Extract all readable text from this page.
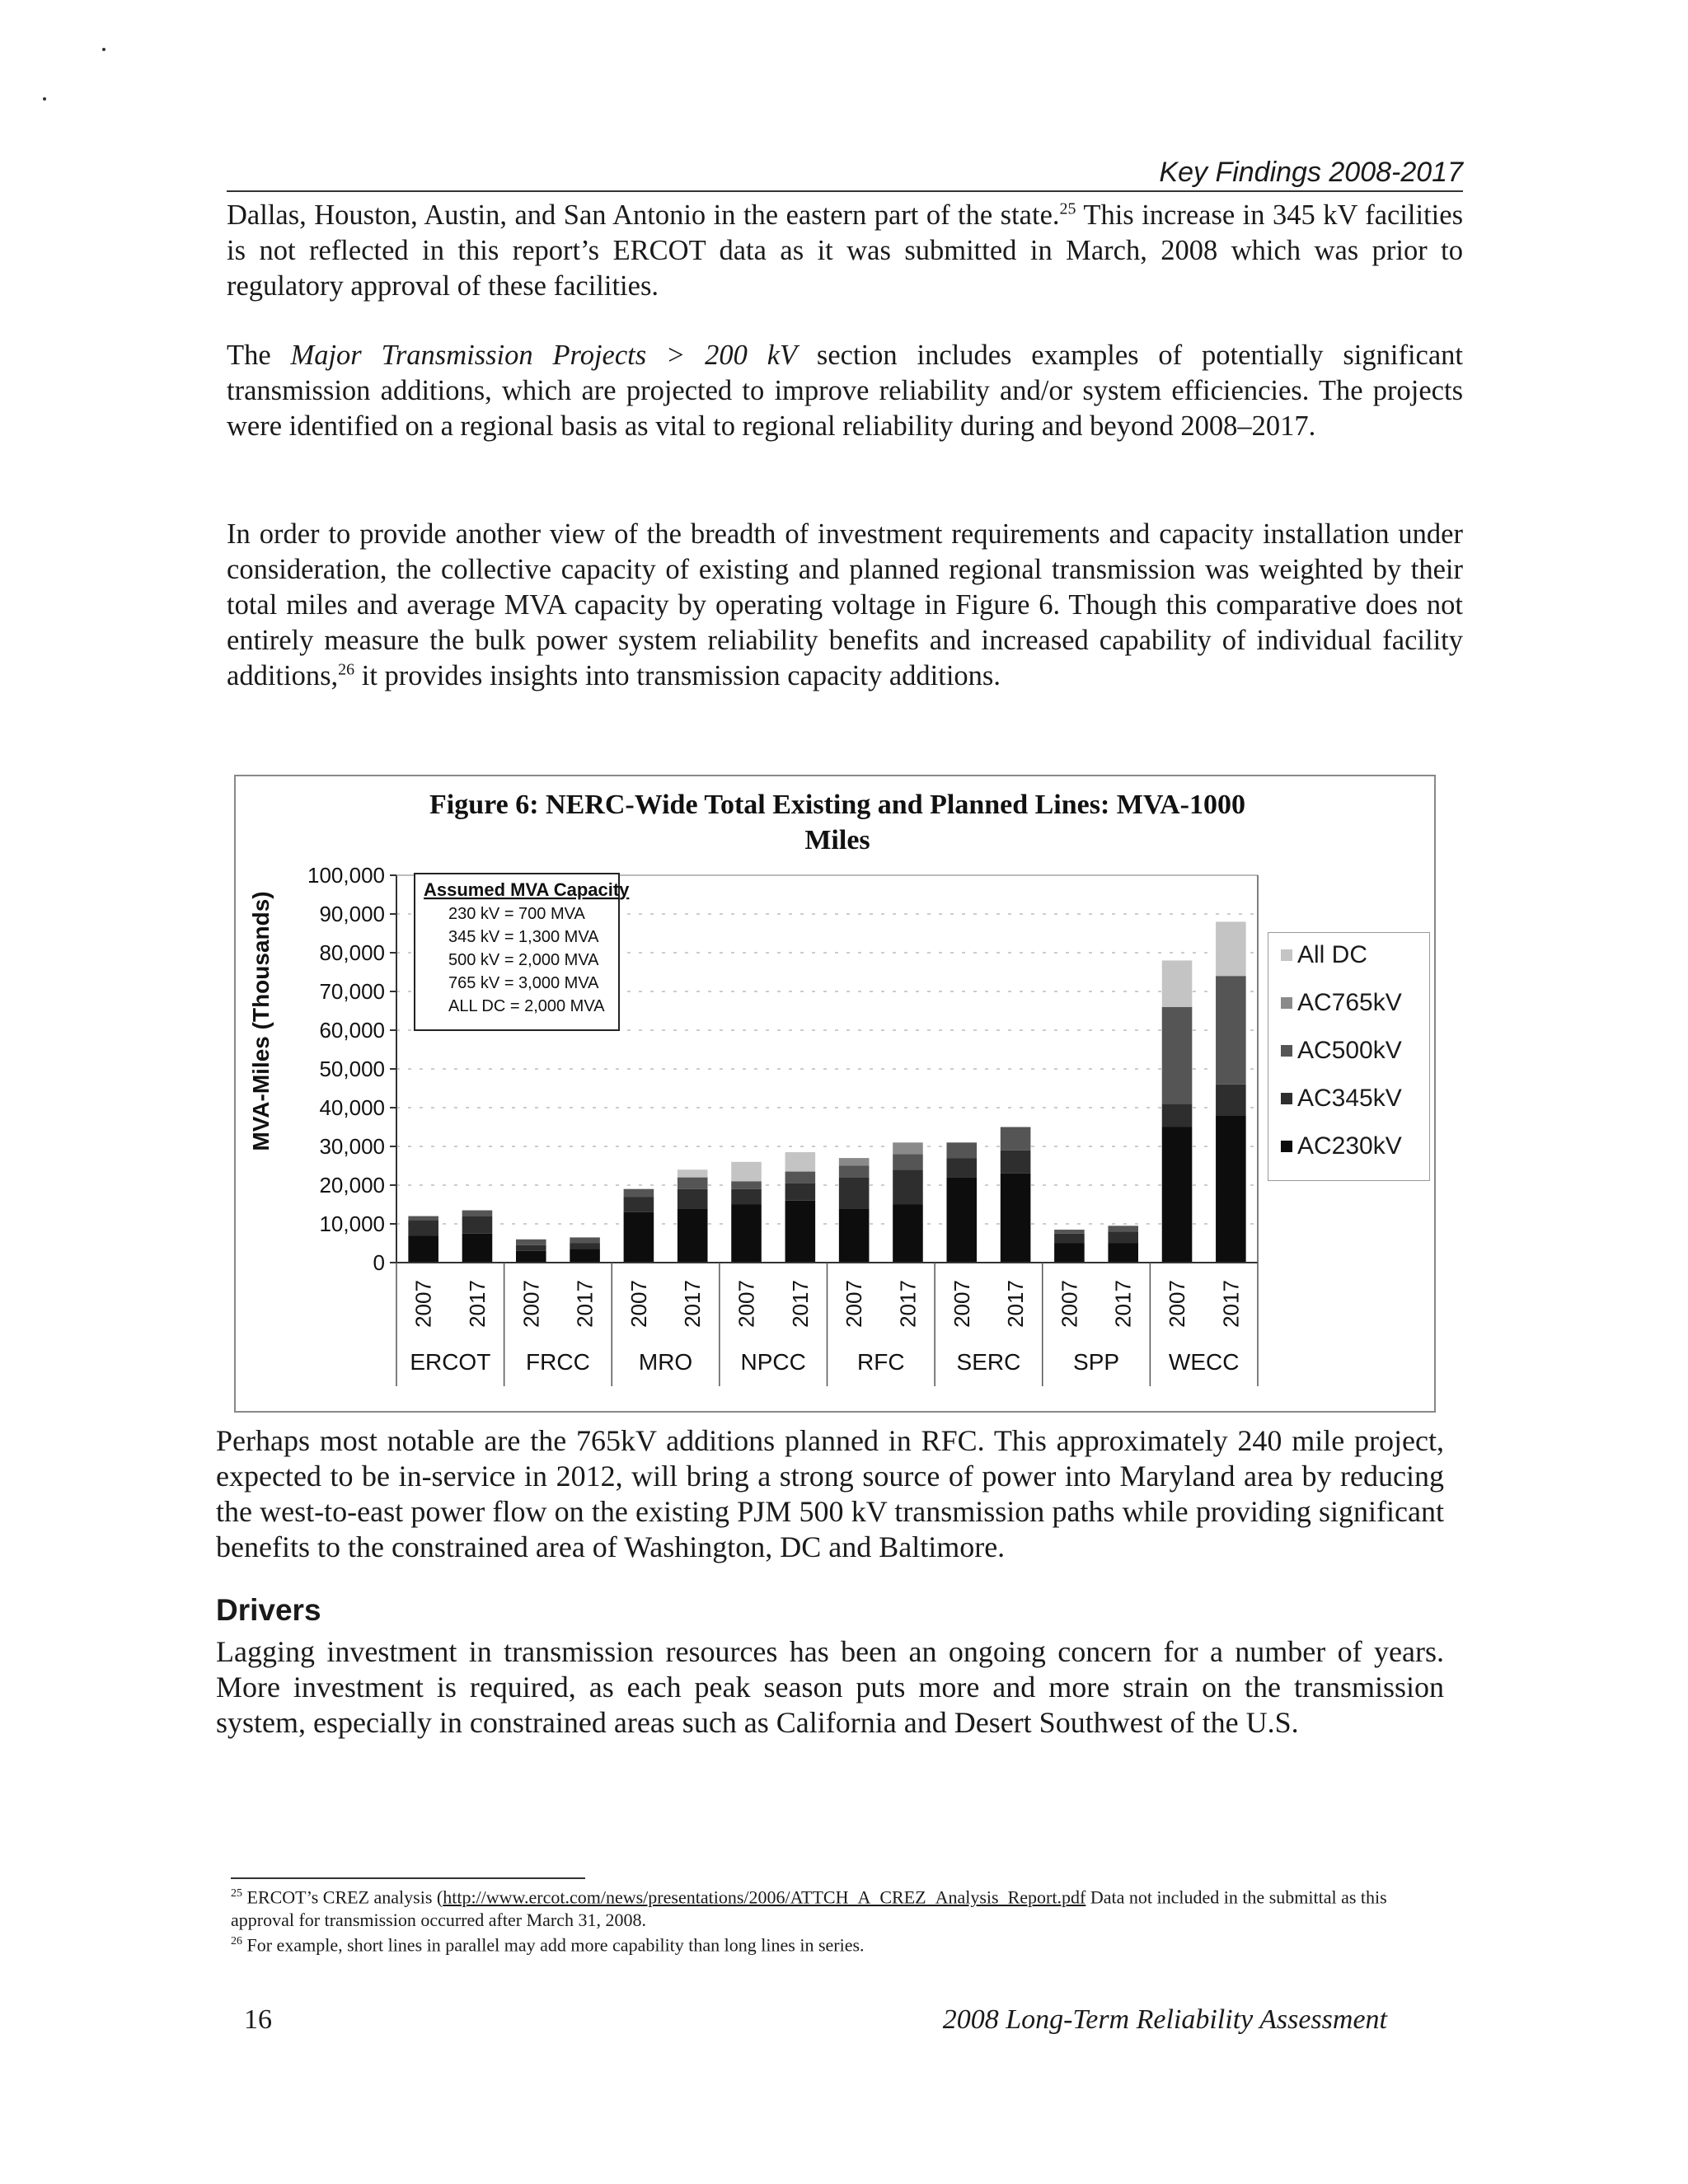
Key Findings 2008-2017

Dallas, Houston, Austin, and San Antonio in the eastern part of the state.$^{25}$ This increase in 345 kV facilities is not reflected in this report’s ERCOT data as it was submitted in March, 2008 which was prior to regulatory approval of these facilities.

The Major Transmission Projects > 200 kV section includes examples of potentially significant transmission additions, which are projected to improve reliability and/or system efficiencies. The projects were identified on a regional basis as vital to regional reliability during and beyond 2008–2017.

In order to provide another view of the breadth of investment requirements and capacity installation under consideration, the collective capacity of existing and planned regional transmission was weighted by their total miles and average MVA capacity by operating voltage in Figure 6. Though this comparative does not entirely measure the bulk power system reliability benefits and increased capability of individual facility additions,$^{26}$ it provides insights into transmission capacity additions.

Figure 6: NERC-Wide Total Existing and Planned Lines: MVA-1000
Miles
MVA-Miles (Thousands)
0
10,000
20,000
30,000
40,000
50,000
60,000
70,000
80,000
90,000
100,000
2007 2017 2007 2017 2007 2017 2007 2017 2007 2017 2007 2017 2007 2017 2007 2017
ERCOT FRCC MRO NPCC RFC SERC SPP WECC
Assumed MVA Capacity
230 kV = 700 MVA
345 kV = 1,300 MVA
500 kV = 2,000 MVA
765 kV = 3,000 MVA
ALL DC = 2,000 MVA
All DC
AC765kV
AC500kV
AC345kV
AC230kV

Perhaps most notable are the 765kV additions planned in RFC. This approximately 240 mile project, expected to be in-service in 2012, will bring a strong source of power into Maryland area by reducing the west-to-east power flow on the existing PJM 500 kV transmission paths while providing significant benefits to the constrained area of Washington, DC and Baltimore.

Drivers

Lagging investment in transmission resources has been an ongoing concern for a number of years. More investment is required, as each peak season puts more and more strain on the transmission system, especially in constrained areas such as California and Desert Southwest of the U.S.

$^{25}$ ERCOT’s CREZ analysis (http://www.ercot.com/news/presentations/2006/ATTCH_A_CREZ_Analysis_Report.pdf Data not included in the submittal as this approval for transmission occurred after March 31, 2008.

$^{26}$ For example, short lines in parallel may add more capability than long lines in series.

16	2008 Long-Term Reliability Assessment
